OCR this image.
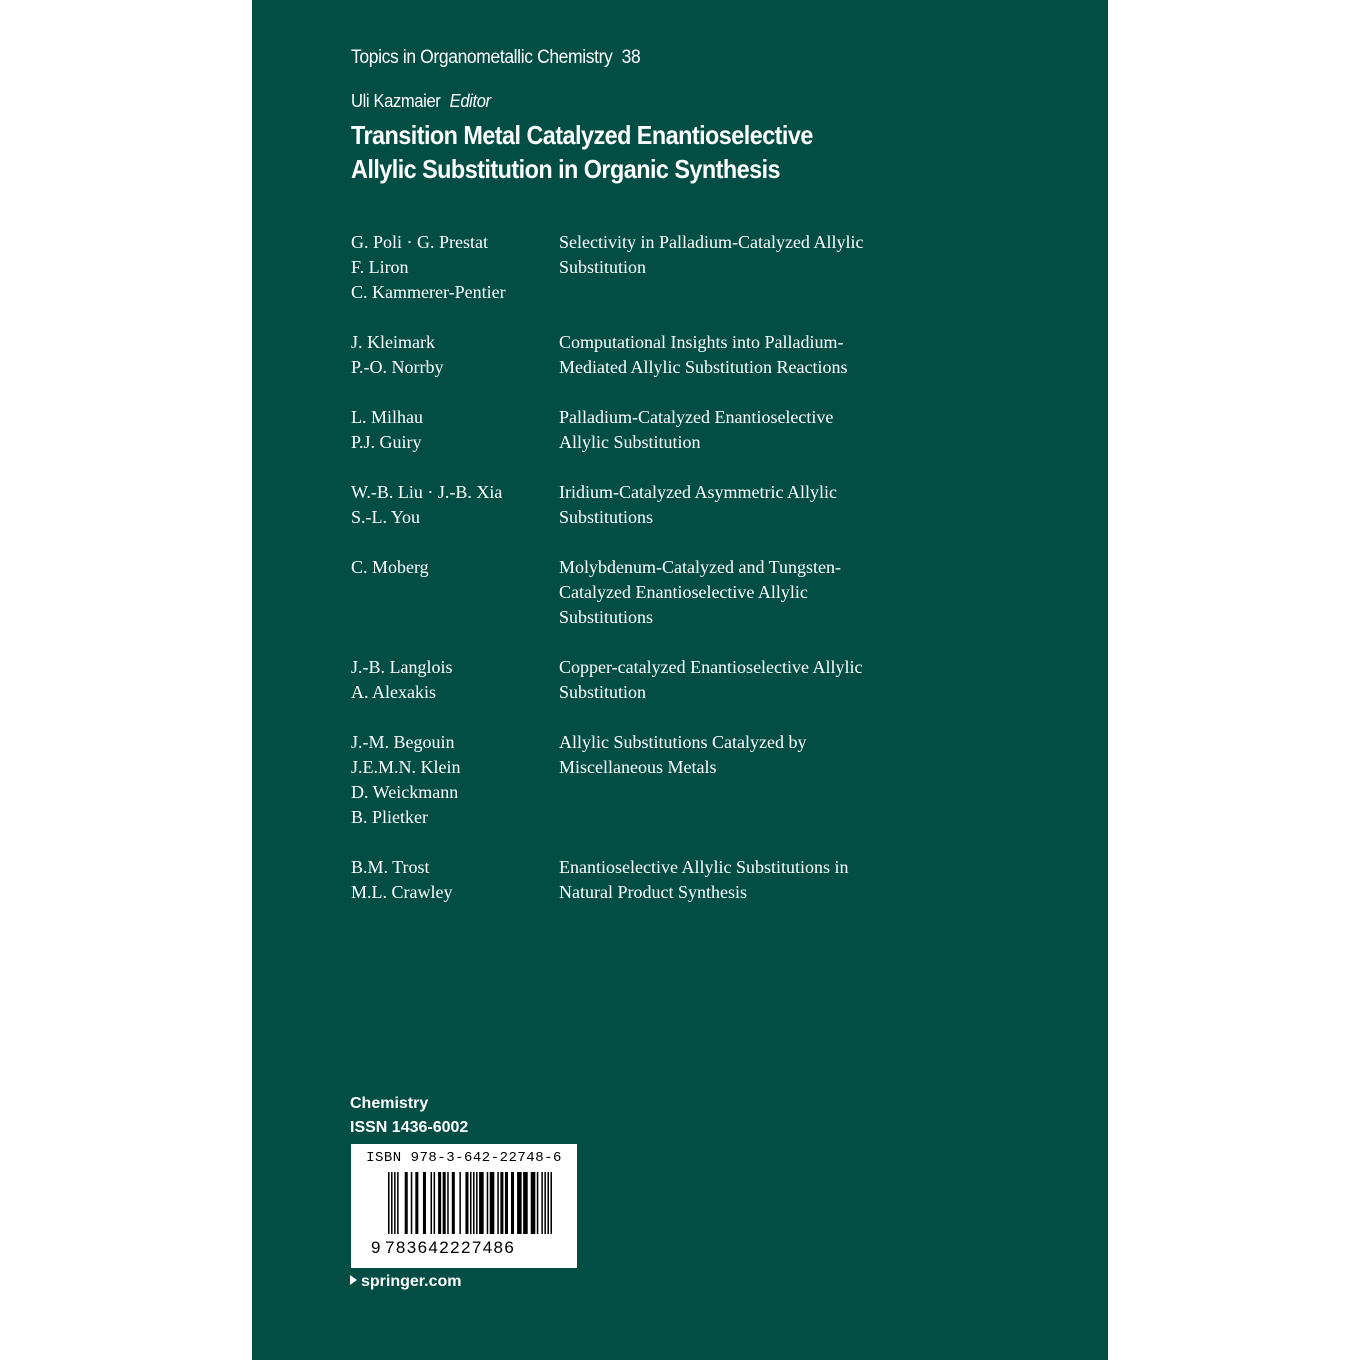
Topics in Organometallic Chemistry 38
Uli Kazmaier Editor
Transition Metal Catalyzed Enantioselective
Allylic Substitution in Organic Synthesis
G. Poli · G. Prestat
F. Liron
C. Kammerer-Pentier
Selectivity in Palladium-Catalyzed Allylic
Substitution
J. Kleimark
P.-O. Norrby
Computational Insights into Palladium-
Mediated Allylic Substitution Reactions
L. Milhau
P.J. Guiry
Palladium-Catalyzed Enantioselective
Allylic Substitution
W.-B. Liu · J.-B. Xia
S.-L. You
Iridium-Catalyzed Asymmetric Allylic
Substitutions
C. Moberg	Molybdenum-Catalyzed and Tungsten-
Catalyzed Enantioselective Allylic
Substitutions
J.-B. Langlois
A. Alexakis
Copper-catalyzed Enantioselective Allylic
Substitution
J.-M. Begouin
J.E.M.N. Klein
D. Weickmann
B. Plietker
Allylic Substitutions Catalyzed by
Miscellaneous Metals
B.M. Trost
M.L. Crawley
Enantioselective Allylic Substitutions in
Natural Product Synthesis
Chemistry
ISSN 1436-6002
ISBN 978-3-642-22748-6
9 783642227486
springer.com
